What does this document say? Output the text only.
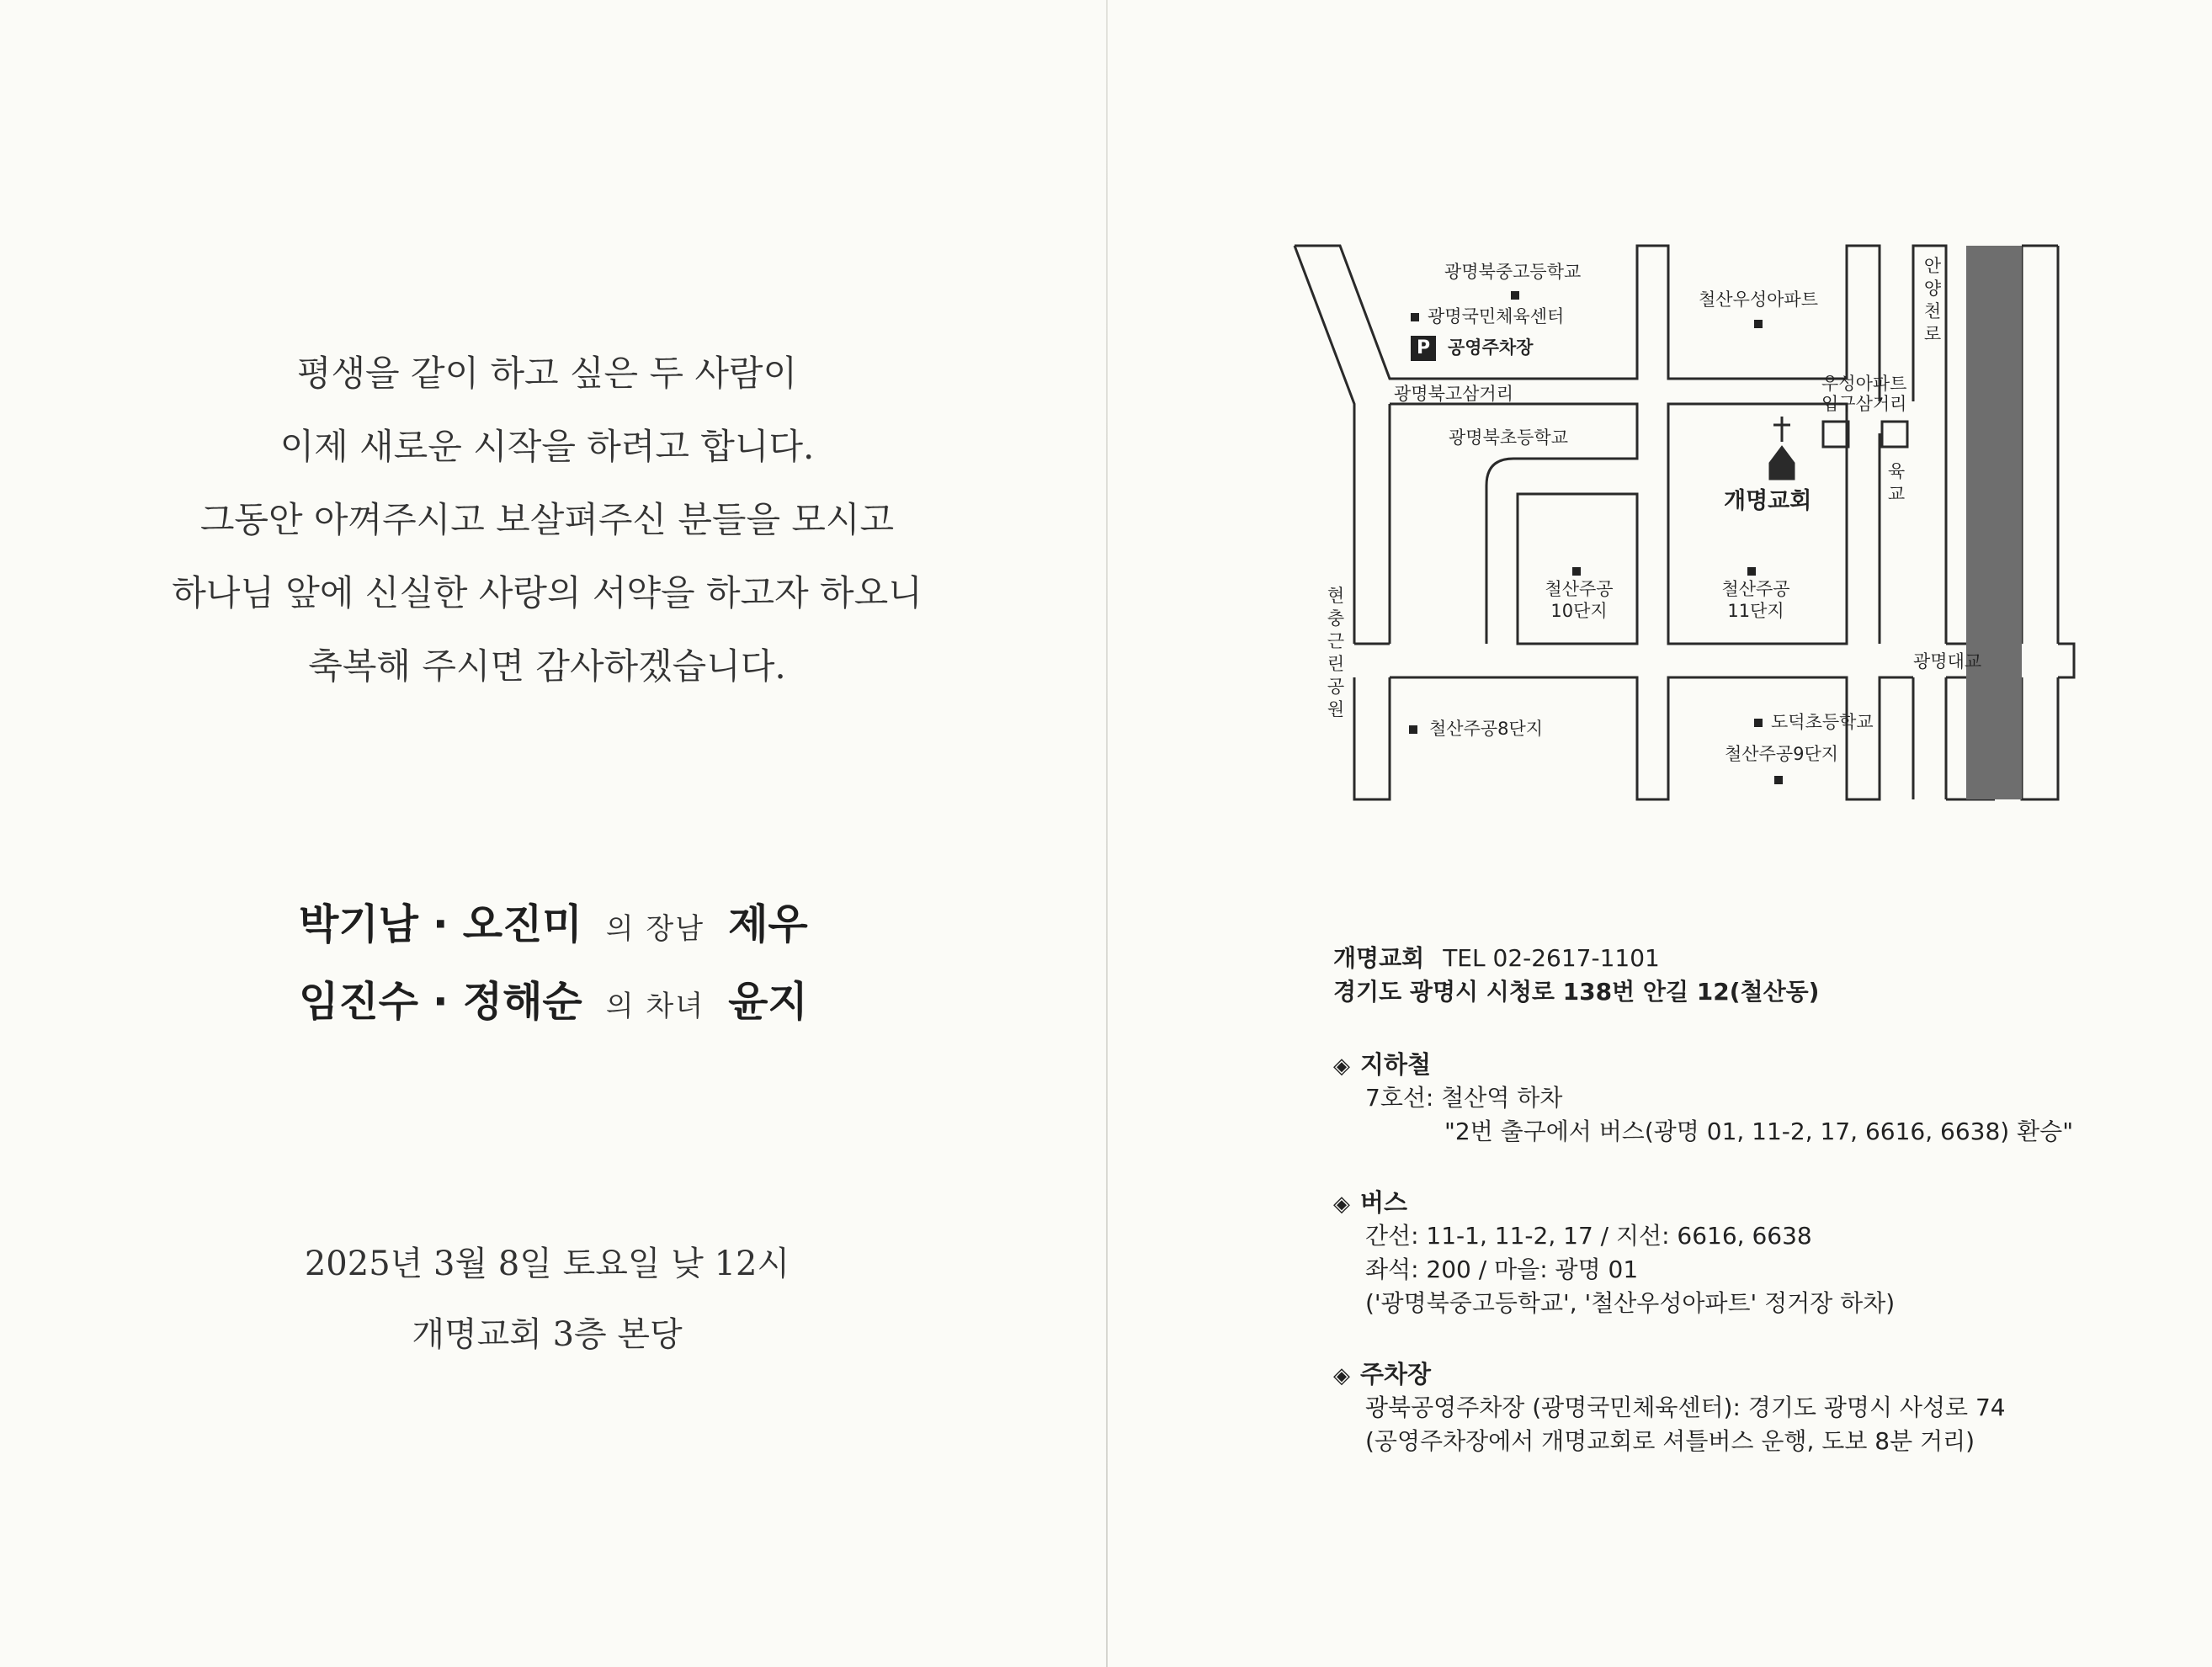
평생을 같이 하고 싶은 두 사람이
이제 새로운 시작을 하려고 합니다.
그동안 아껴주시고 보살펴주신 분들을 모시고
하나님 앞에 신실한 사랑의 서약을 하고자 하오니
축복해 주시면 감사하겠습니다.
박기남 · 오진미 의 장남 제우
임진수 · 정해순 의 차녀 윤지
2025년 3월 8일 토요일 낮 12시
개명교회 3층 본당
광명북중고등학교
광명국민체육센터
P 공영주차장
광명북고삼거리
광명북초등학교
철산우성아파트
우성아파트
입구삼거리
안양천로
육교
개명교회
철산주공
10단지
철산주공
11단지
광명대교
현충근린공원
철산주공8단지	도덕초등학교
철산주공9단지
개명교회 TEL 02-2617-1101
경기도 광명시 시청로 138번 안길 12(철산동)
◈ 지하철
7호선: 철산역 하차
"2번 출구에서 버스(광명 01, 11-2, 17, 6616, 6638) 환승"
◈ 버스
간선: 11-1, 11-2, 17 / 지선: 6616, 6638
좌석: 200 / 마을: 광명 01
('광명북중고등학교', '철산우성아파트' 정거장 하차)
◈ 주차장
광북공영주차장 (광명국민체육센터): 경기도 광명시 사성로 74
(공영주차장에서 개명교회로 셔틀버스 운행, 도보 8분 거리)
